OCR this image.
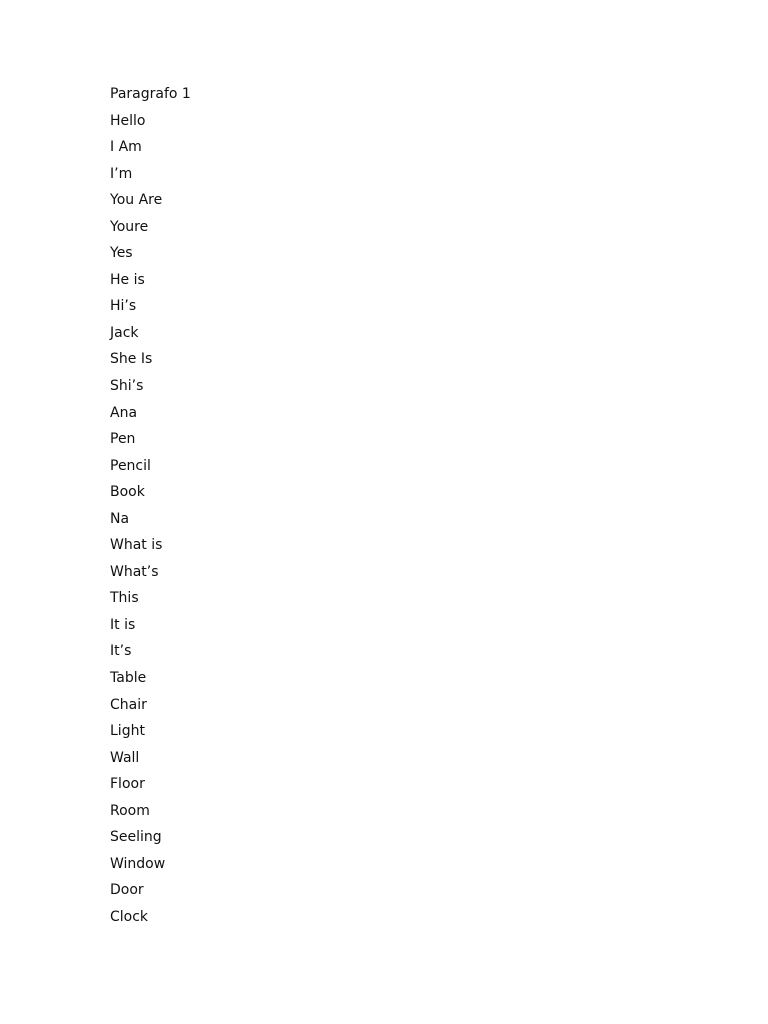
Paragrafo 1
Hello
I Am
I’m
You Are
Youre
Yes
He is
Hi’s
Jack
She Is
Shi’s
Ana
Pen
Pencil
Book
Na
What is
What’s
This
It is
It’s
Table
Chair
Light
Wall
Floor
Room
Seeling
Window
Door
Clock
